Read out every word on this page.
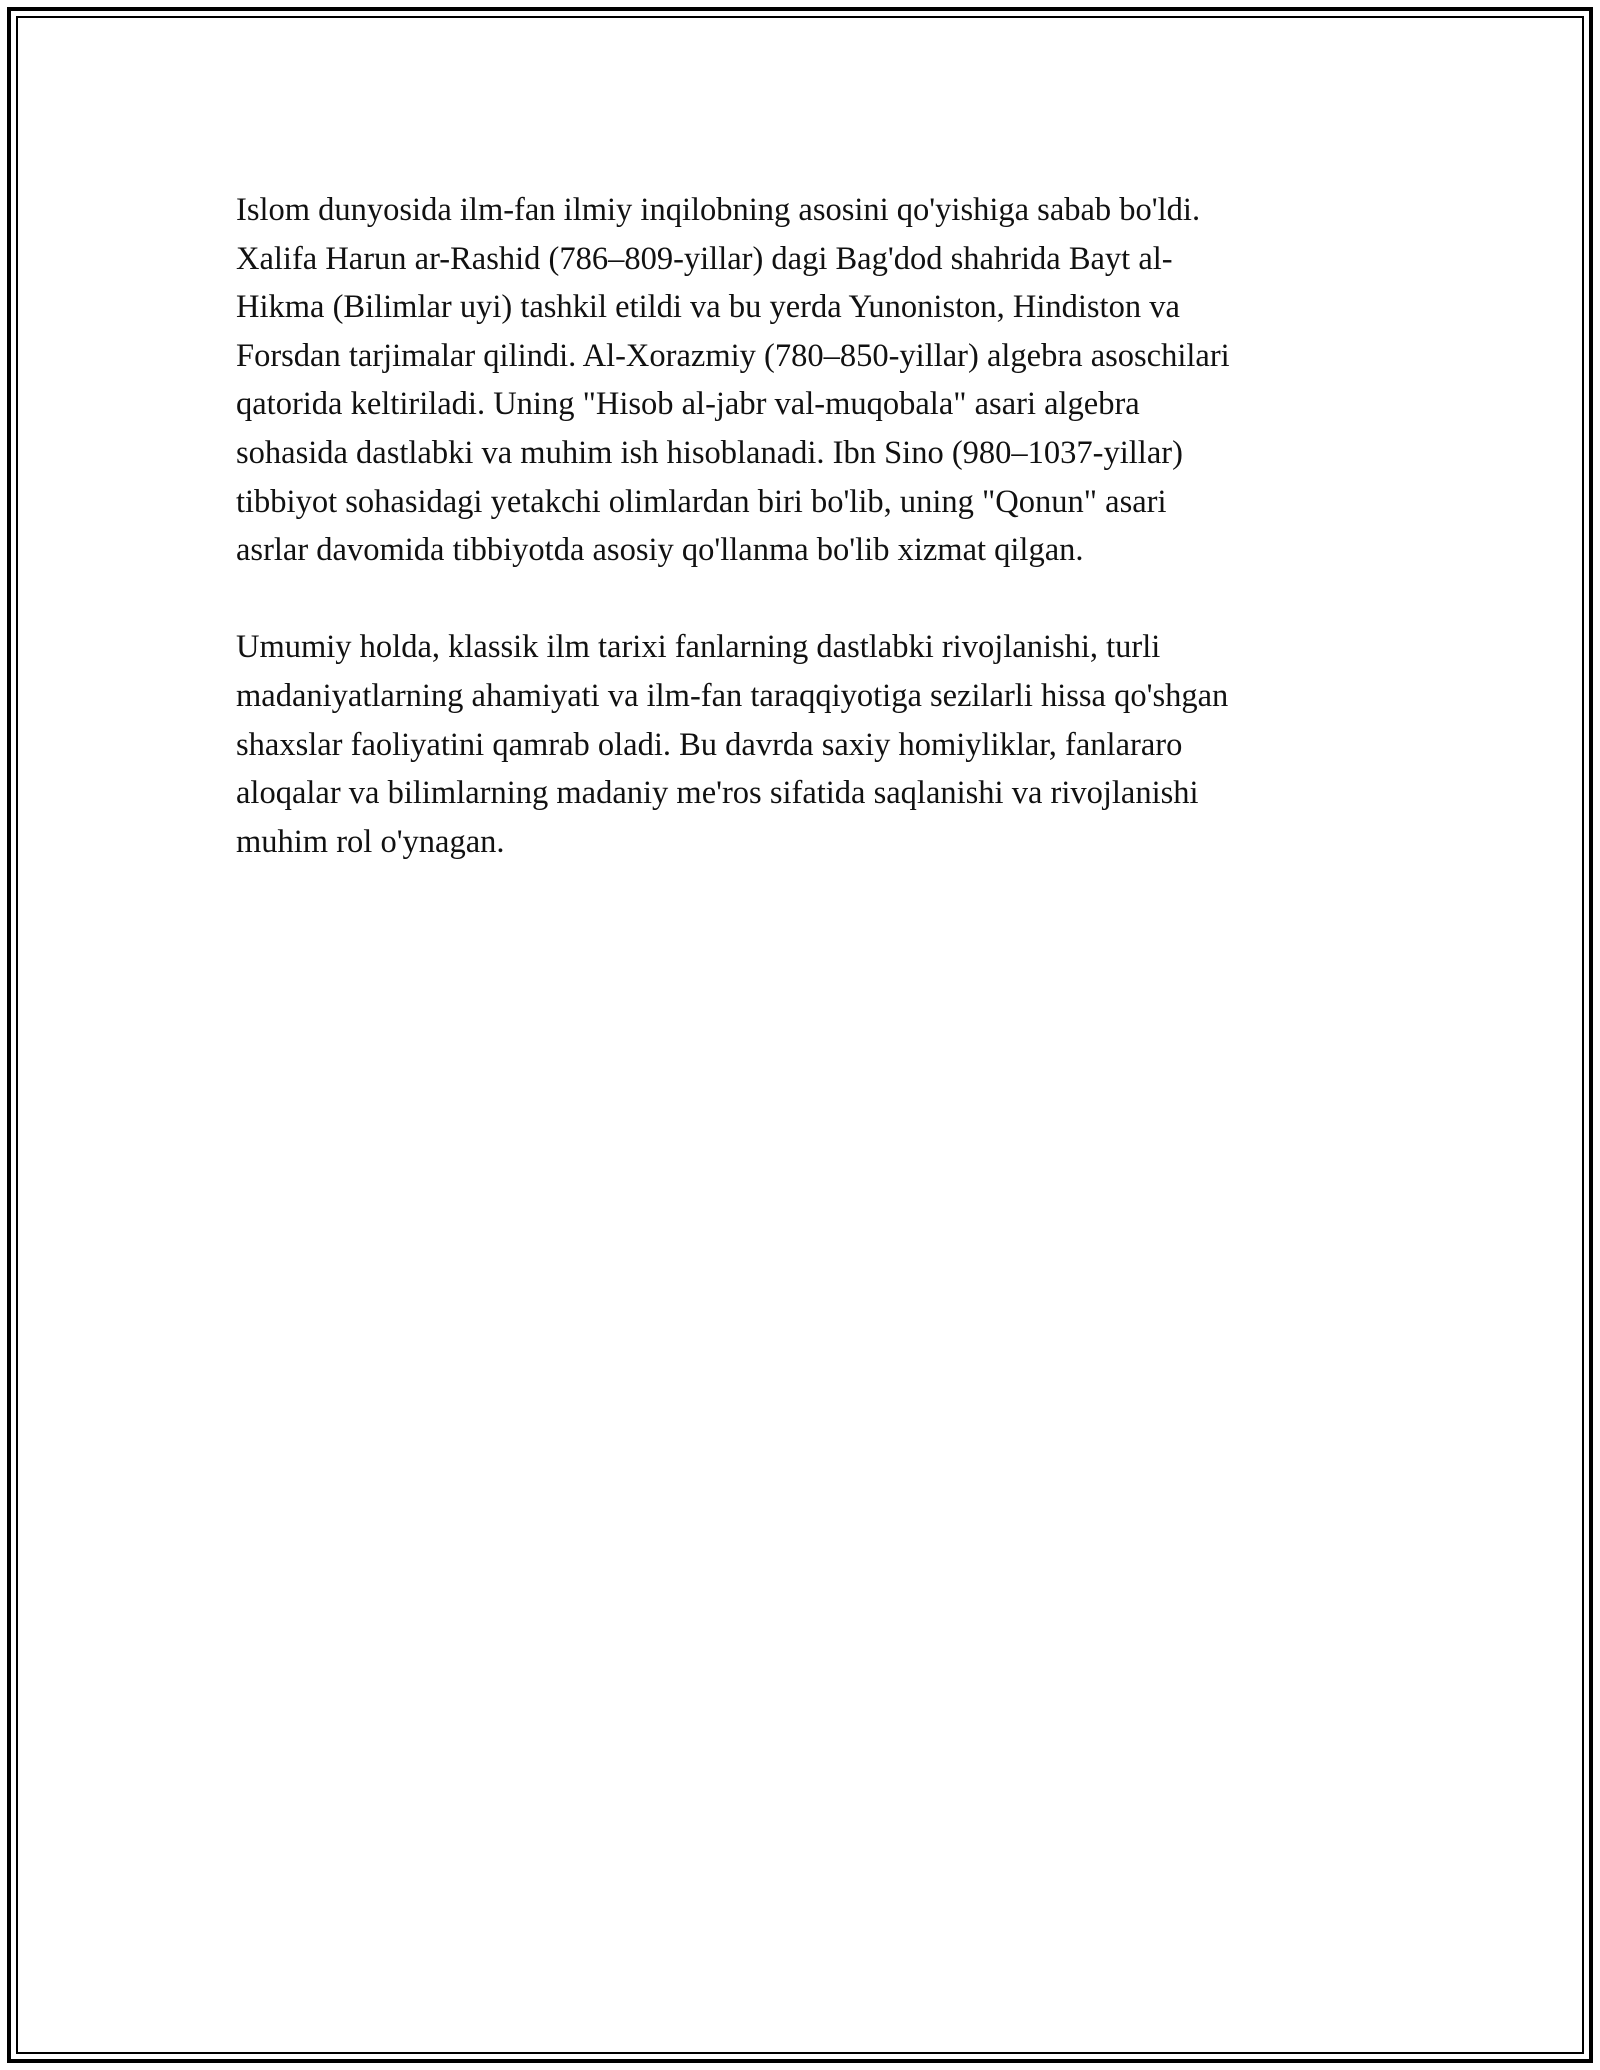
Islom dunyosida ilm-fan ilmiy inqilobning asosini qo'yishiga sabab bo'ldi.
Xalifa Harun ar-Rashid (786–809-yillar) dagi Bag'dod shahrida Bayt al-
Hikma (Bilimlar uyi) tashkil etildi va bu yerda Yunoniston, Hindiston va
Forsdan tarjimalar qilindi. Al-Xorazmiy (780–850-yillar) algebra asoschilari
qatorida keltiriladi. Uning "Hisob al-jabr val-muqobala" asari algebra
sohasida dastlabki va muhim ish hisoblanadi. Ibn Sino (980–1037-yillar)
tibbiyot sohasidagi yetakchi olimlardan biri bo'lib, uning "Qonun" asari
asrlar davomida tibbiyotda asosiy qo'llanma bo'lib xizmat qilgan.
Umumiy holda, klassik ilm tarixi fanlarning dastlabki rivojlanishi, turli
madaniyatlarning ahamiyati va ilm-fan taraqqiyotiga sezilarli hissa qo'shgan
shaxslar faoliyatini qamrab oladi. Bu davrda saxiy homiyliklar, fanlararo
aloqalar va bilimlarning madaniy me'ros sifatida saqlanishi va rivojlanishi
muhim rol o'ynagan.
